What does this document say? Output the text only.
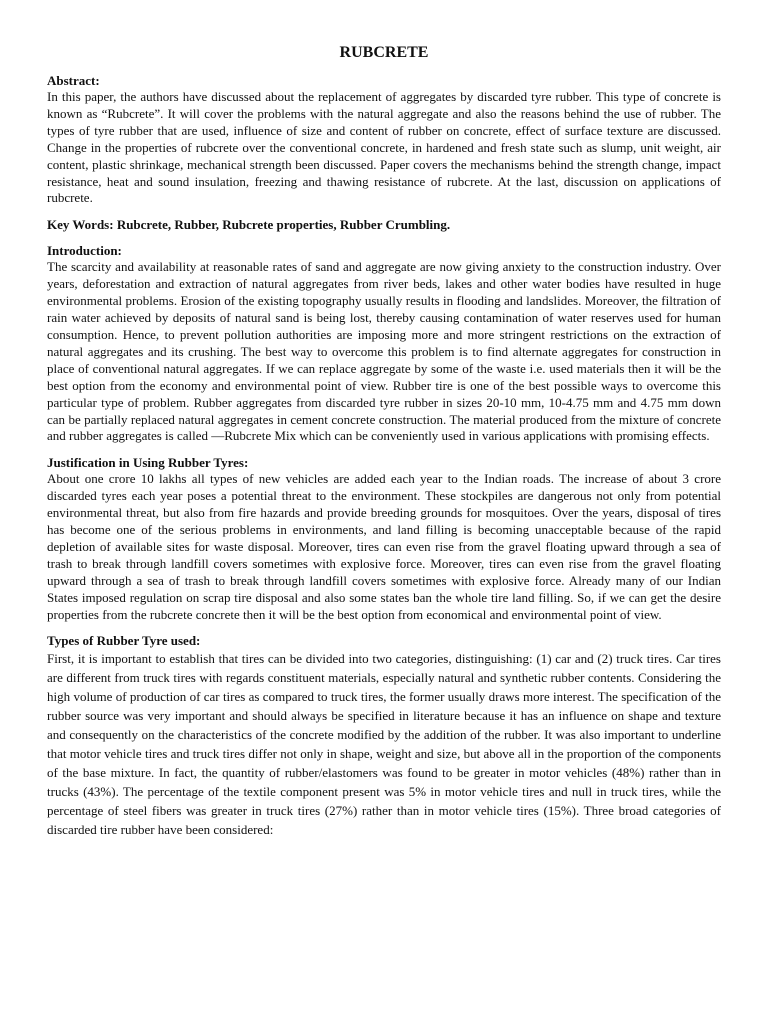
RUBCRETE
Abstract:

In this paper, the authors have discussed about the replacement of aggregates by discarded tyre rubber. This type of concrete is known as “Rubcrete”. It will cover the problems with the natural aggregate and also the reasons behind the use of rubber. The types of tyre rubber that are used, influence of size and content of rubber on concrete, effect of surface texture are discussed. Change in the properties of rubcrete over the conventional concrete, in hardened and fresh state such as slump, unit weight, air content, plastic shrinkage, mechanical strength been discussed. Paper covers the mechanisms behind the strength change, impact resistance, heat and sound insulation, freezing and thawing resistance of rubcrete. At the last, discussion on applications of rubcrete.

Key Words: Rubcrete, Rubber, Rubcrete properties, Rubber Crumbling.
Introduction:

The scarcity and availability at reasonable rates of sand and aggregate are now giving anxiety to the construction industry. Over years, deforestation and extraction of natural aggregates from river beds, lakes and other water bodies have resulted in huge environmental problems. Erosion of the existing topography usually results in flooding and landslides. Moreover, the filtration of rain water achieved by deposits of natural sand is being lost, thereby causing contamination of water reserves used for human consumption. Hence, to prevent pollution authorities are imposing more and more stringent restrictions on the extraction of natural aggregates and its crushing. The best way to overcome this problem is to find alternate aggregates for construction in place of conventional natural aggregates. If we can replace aggregate by some of the waste i.e. used materials then it will be the best option from the economy and environmental point of view. Rubber tire is one of the best possible ways to overcome this particular type of problem. Rubber aggregates from discarded tyre rubber in sizes 20-10 mm, 10-4.75 mm and 4.75 mm down can be partially replaced natural aggregates in cement concrete construction. The material produced from the mixture of concrete and rubber aggregates is called ―Rubcrete Mix which can be conveniently used in various applications with promising effects.

Justification in Using Rubber Tyres:

About one crore 10 lakhs all types of new vehicles are added each year to the Indian roads. The increase of about 3 crore discarded tyres each year poses a potential threat to the environment. These stockpiles are dangerous not only from potential environmental threat, but also from fire hazards and provide breeding grounds for mosquitoes. Over the years, disposal of tires has become one of the serious problems in environments, and land filling is becoming unacceptable because of the rapid depletion of available sites for waste disposal. Moreover, tires can even rise from the gravel floating upward through a sea of trash to break through landfill covers sometimes with explosive force. Moreover, tires can even rise from the gravel floating upward through a sea of trash to break through landfill covers sometimes with explosive force. Already many of our Indian States imposed regulation on scrap tire disposal and also some states ban the whole tire land filling. So, if we can get the desire properties from the rubcrete concrete then it will be the best option from economical and environmental point of view.

Types of Rubber Tyre used:

First, it is important to establish that tires can be divided into two categories, distinguishing: (1) car and (2) truck tires. Car tires are different from truck tires with regards constituent materials, especially natural and synthetic rubber contents. Considering the high volume of production of car tires as compared to truck tires, the former usually draws more interest. The specification of the rubber source was very important and should always be specified in literature because it has an influence on shape and texture and consequently on the characteristics of the concrete modified by the addition of the rubber. It was also important to underline that motor vehicle tires and truck tires differ not only in shape, weight and size, but above all in the proportion of the components of the base mixture. In fact, the quantity of rubber/elastomers was found to be greater in motor vehicles (48%) rather than in trucks (43%). The percentage of the textile component present was 5% in motor vehicle tires and null in truck tires, while the percentage of steel fibers was greater in truck tires (27%) rather than in motor vehicle tires (15%). Three broad categories of discarded tire rubber have been considered:
